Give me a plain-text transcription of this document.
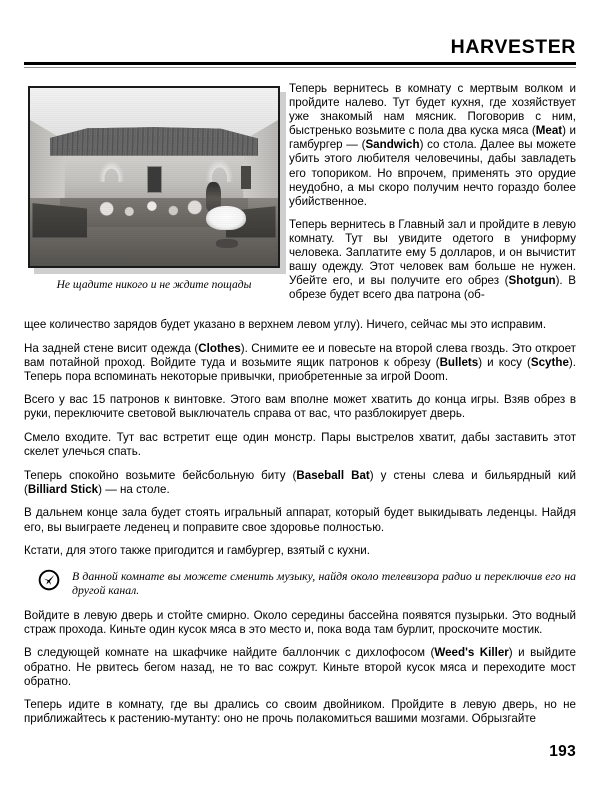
HARVESTER
Не щадите никого и не ждите пощады

Теперь вернитесь в комнату с мертвым волком и пройдите налево. Тут будет кухня, где хозяйствует уже знакомый нам мясник. Поговорив с ним, быстренько возьмите с пола два куска мяса (Meat) и гамбургер — (Sandwich) со стола. Далее вы можете убить этого любителя человечины, дабы завладеть его топориком. Но впрочем, применять это орудие неудобно, а мы скоро получим нечто гораздо более убийственное.

Теперь вернитесь в Главный зал и пройдите в левую комнату. Тут вы увидите одетого в униформу человека. Заплатите ему 5 долларов, и он вычистит вашу одежду. Этот человек вам больше не нужен. Убейте его, и вы получите его обрез (Shotgun). В обрезе будет всего два патрона (об-

щее количество зарядов будет указано в верхнем левом углу). Ничего, сейчас мы это исправим.

На задней стене висит одежда (Clothes). Снимите ее и повесьте на второй слева гвоздь. Это откроет вам потайной проход. Войдите туда и возьмите ящик патронов к обрезу (Bullets) и косу (Scythe). Теперь пора вспоминать некоторые привычки, приобретенные за игрой Doom.

Всего у вас 15 патронов к винтовке. Этого вам вполне может хватить до конца игры. Взяв обрез в руки, переключите световой выключатель справа от вас, что разблокирует дверь.

Смело входите. Тут вас встретит еще один монстр. Пары выстрелов хватит, дабы заставить этот скелет улечься спать.

Теперь спокойно возьмите бейсбольную биту (Baseball Bat) у стены слева и бильярдный кий (Billiard Stick) — на столе.

В дальнем конце зала будет стоять игральный аппарат, который будет выкидывать леденцы. Найдя его, вы выиграете леденец и поправите свое здоровье полностью.

Кстати, для этого также пригодится и гамбургер, взятый с кухни.

В данной комнате вы можете сменить музыку, найдя около телевизора радио и переключив его на другой канал.

Войдите в левую дверь и стойте смирно. Около середины бассейна появятся пузырьки. Это водный страж прохода. Киньте один кусок мяса в это место и, пока вода там бурлит, проскочите мостик.

В следующей комнате на шкафчике найдите баллончик с дихлофосом (Weed's Killer) и выйдите обратно. Не рвитесь бегом назад, не то вас сожрут. Киньте второй кусок мяса и переходите мост обратно.

Теперь идите в комнату, где вы дрались со своим двойником. Пройдите в левую дверь, но не приближайтесь к растению-мутанту: оно не прочь полакомиться вашими мозгами. Обрызгайте

193
